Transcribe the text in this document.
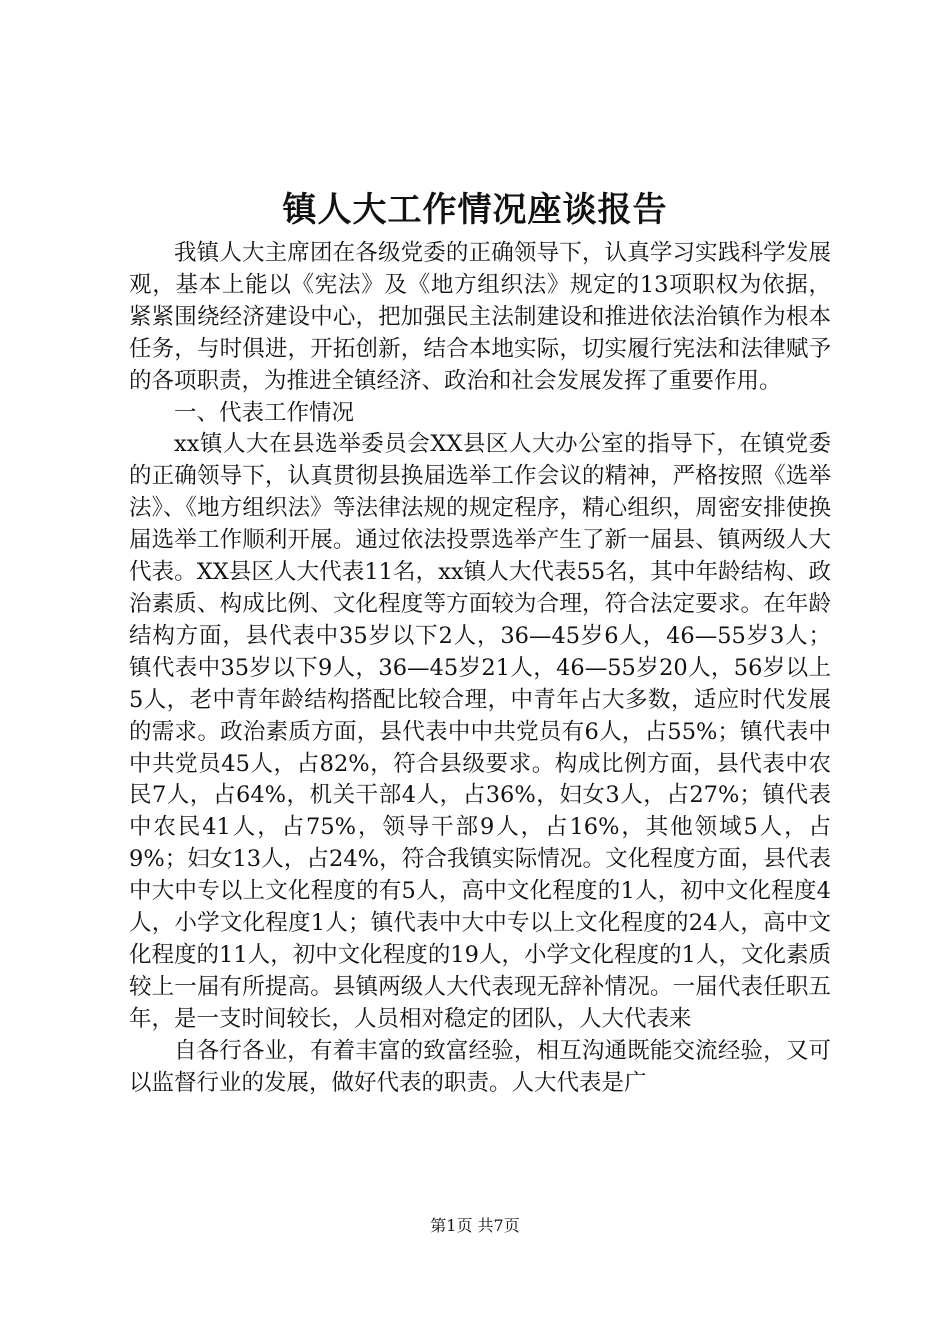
镇人大工作情况座谈报告

我镇人大主席团在各级党委的正确领导下，认真学习实践科学发展观，基本上能以《宪法》及《地方组织法》规定的13项职权为依据，紧紧围绕经济建设中心，把加强民主法制建设和推进依法治镇作为根本任务，与时俱进，开拓创新，结合本地实际，切实履行宪法和法律赋予的各项职责，为推进全镇经济、政治和社会发展发挥了重要作用。

一、代表工作情况

xx镇人大在县选举委员会XX县区人大办公室的指导下，在镇党委的正确领导下，认真贯彻县换届选举工作会议的精神，严格按照《选举法》、《地方组织法》等法律法规的规定程序，精心组织，周密安排使换届选举工作顺利开展。通过依法投票选举产生了新一届县、镇两级人大代表。XX县区人大代表11名，xx镇人大代表55名，其中年龄结构、政治素质、构成比例、文化程度等方面较为合理，符合法定要求。在年龄结构方面，县代表中35岁以下2人，36—45岁6人，46—55岁3人；镇代表中35岁以下9人，36—45岁21人，46—55岁20人，56岁以上5人，老中青年龄结构搭配比较合理，中青年占大多数，适应时代发展的需求。政治素质方面，县代表中中共党员有6人，占55%；镇代表中中共党员45人，占82%，符合县级要求。构成比例方面，县代表中农民7人，占64%，机关干部4人，占36%，妇女3人，占27%；镇代表中农民41人，占75%，领导干部9人，占16%，其他领域5人，占9%；妇女13人，占24%，符合我镇实际情况。文化程度方面，县代表中大中专以上文化程度的有5人，高中文化程度的1人，初中文化程度4人，小学文化程度1人；镇代表中大中专以上文化程度的24人，高中文化程度的11人，初中文化程度的19人，小学文化程度的1人，文化素质较上一届有所提高。县镇两级人大代表现无辞补情况。一届代表任职五年，是一支时间较长，人员相对稳定的团队，人大代表来

自各行各业，有着丰富的致富经验，相互沟通既能交流经验，又可以监督行业的发展，做好代表的职责。人大代表是广

第1页 共7页
